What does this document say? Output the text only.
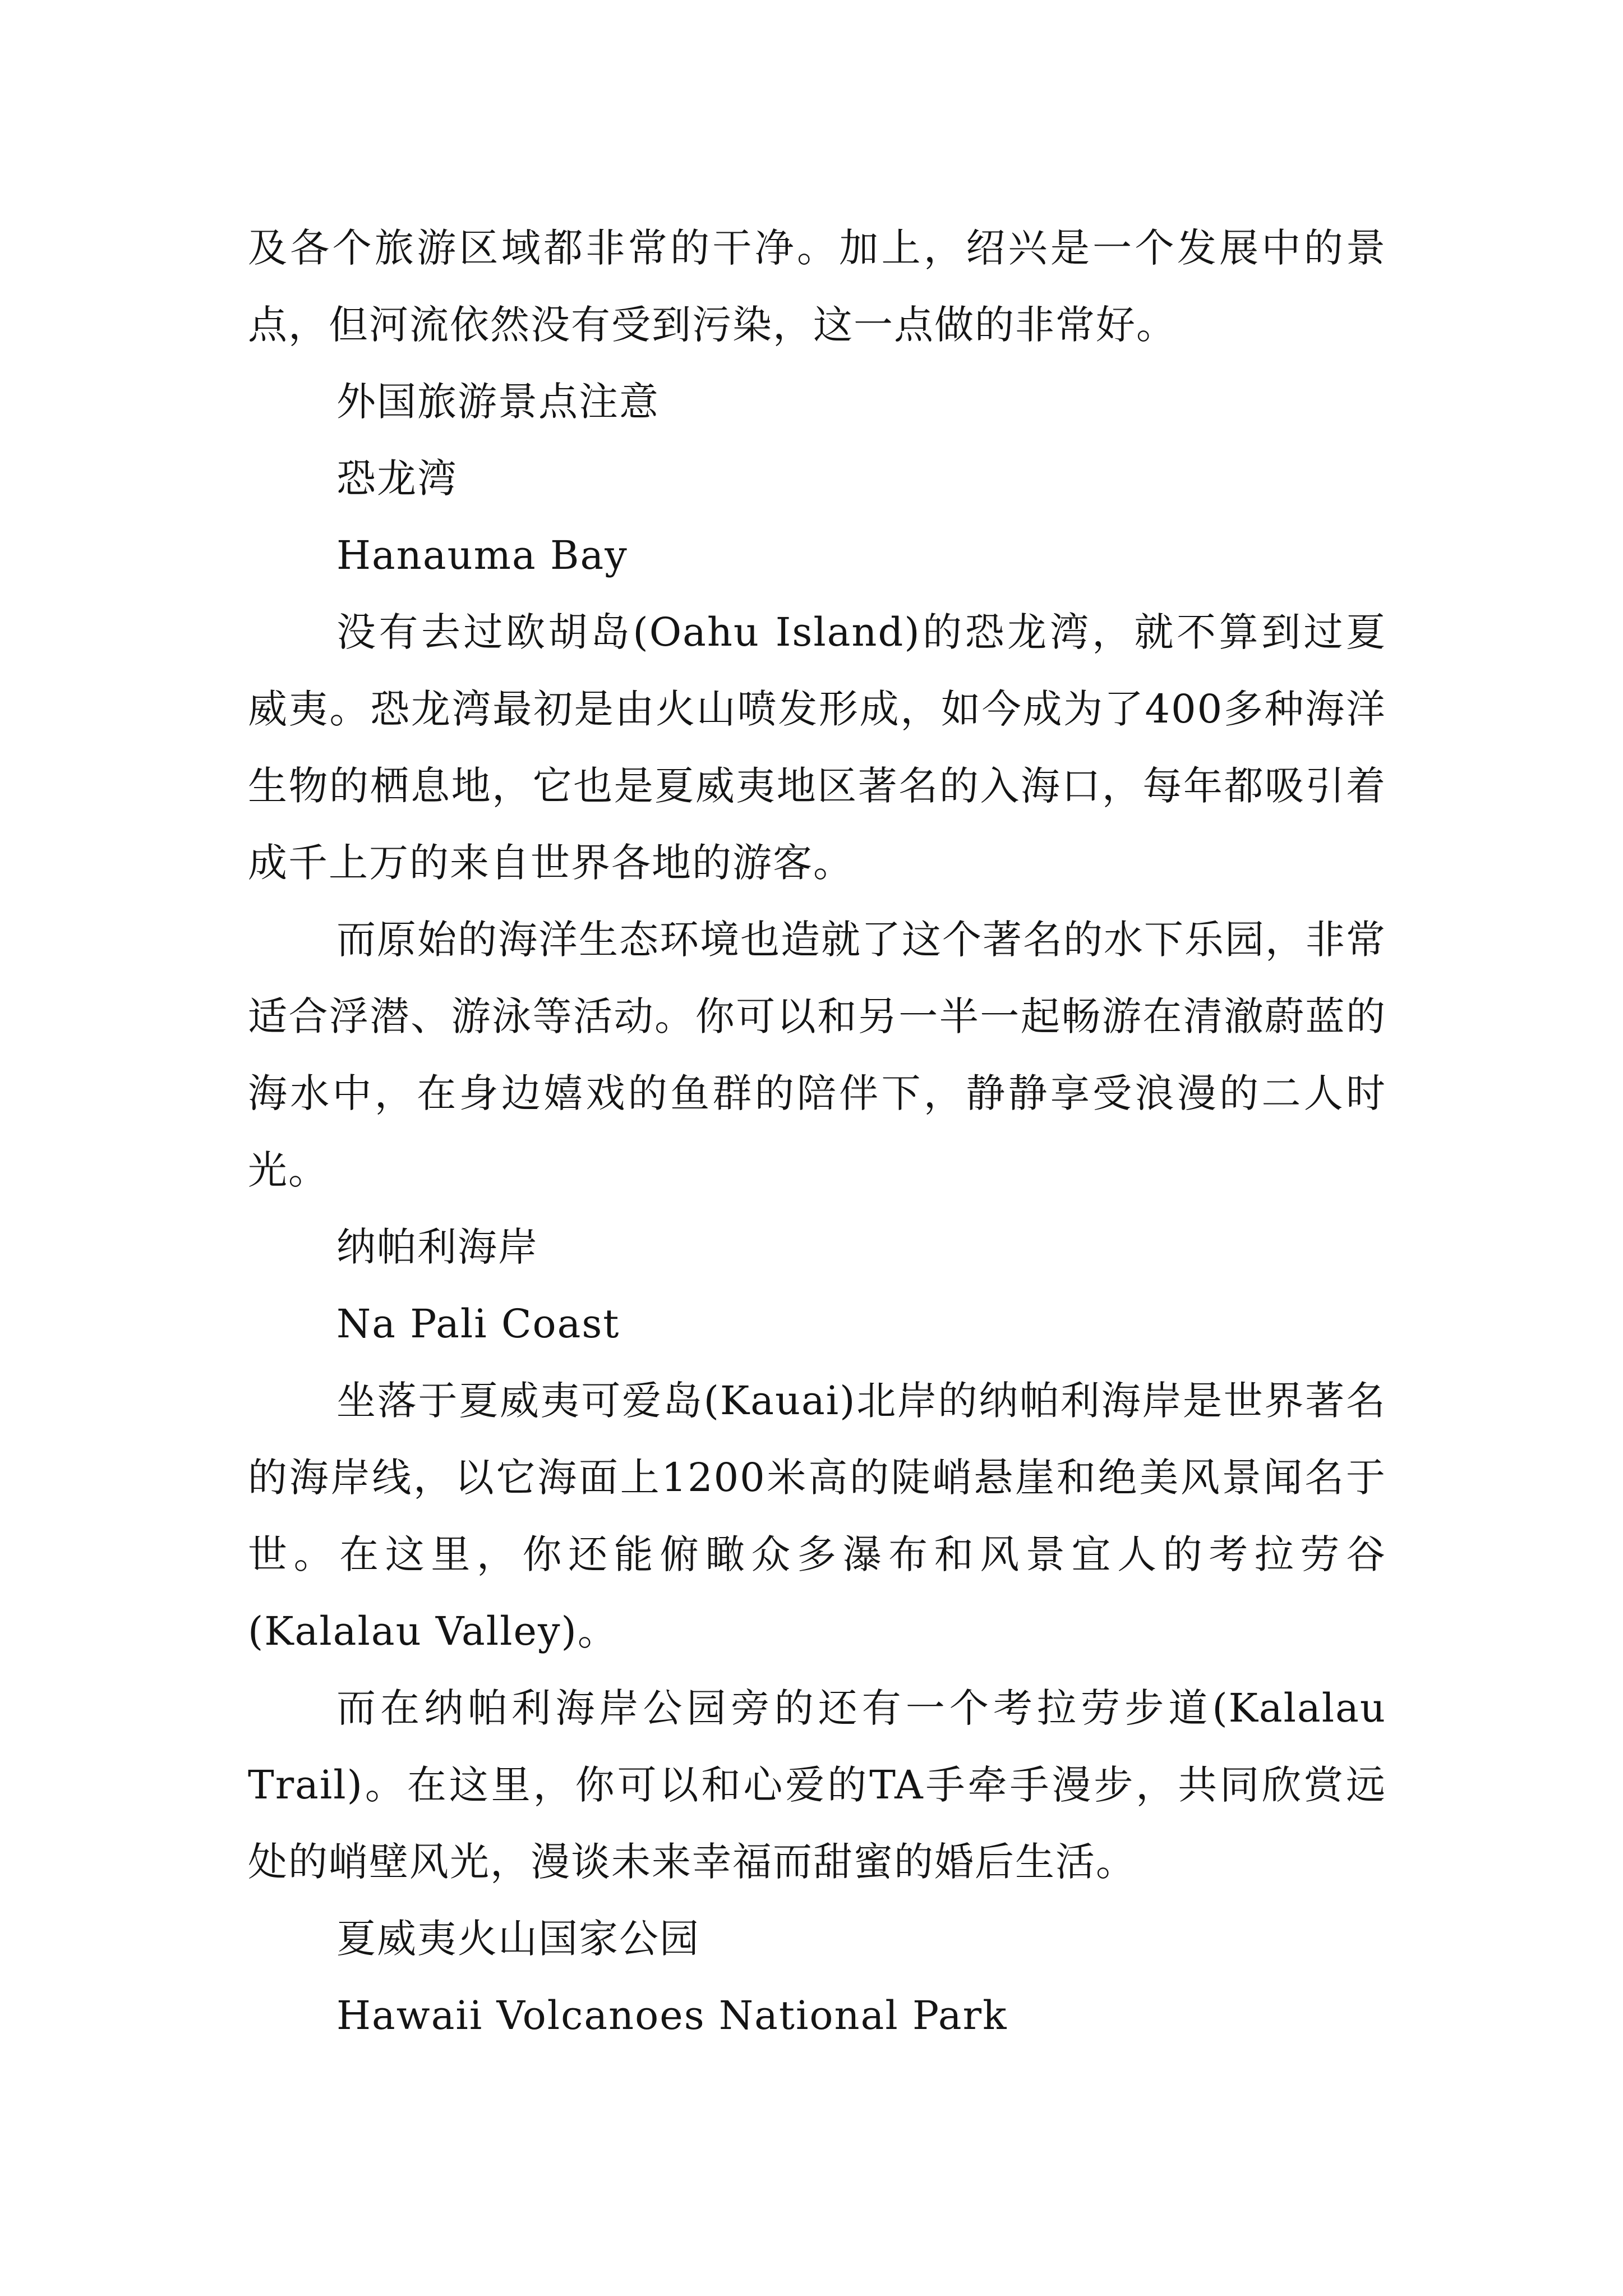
及各个旅游区域都非常的干净。加上，绍兴是一个发展中的景点，但河流依然没有受到污染，这一点做的非常好。

外国旅游景点注意

恐龙湾

Hanauma Bay

没有去过欧胡岛(Oahu Island)的恐龙湾，就不算到过夏威夷。恐龙湾最初是由火山喷发形成，如今成为了400多种海洋生物的栖息地，它也是夏威夷地区著名的入海口，每年都吸引着成千上万的来自世界各地的游客。

而原始的海洋生态环境也造就了这个著名的水下乐园，非常适合浮潜、游泳等活动。你可以和另一半一起畅游在清澈蔚蓝的海水中，在身边嬉戏的鱼群的陪伴下，静静享受浪漫的二人时光。

纳帕利海岸

Na Pali Coast

坐落于夏威夷可爱岛(Kauai)北岸的纳帕利海岸是世界著名的海岸线，以它海面上1200米高的陡峭悬崖和绝美风景闻名于世。在这里，你还能俯瞰众多瀑布和风景宜人的考拉劳谷(Kalalau Valley)。

而在纳帕利海岸公园旁的还有一个考拉劳步道(Kalalau Trail)。在这里，你可以和心爱的TA手牵手漫步，共同欣赏远处的峭壁风光，漫谈未来幸福而甜蜜的婚后生活。

夏威夷火山国家公园

Hawaii Volcanoes National Park
